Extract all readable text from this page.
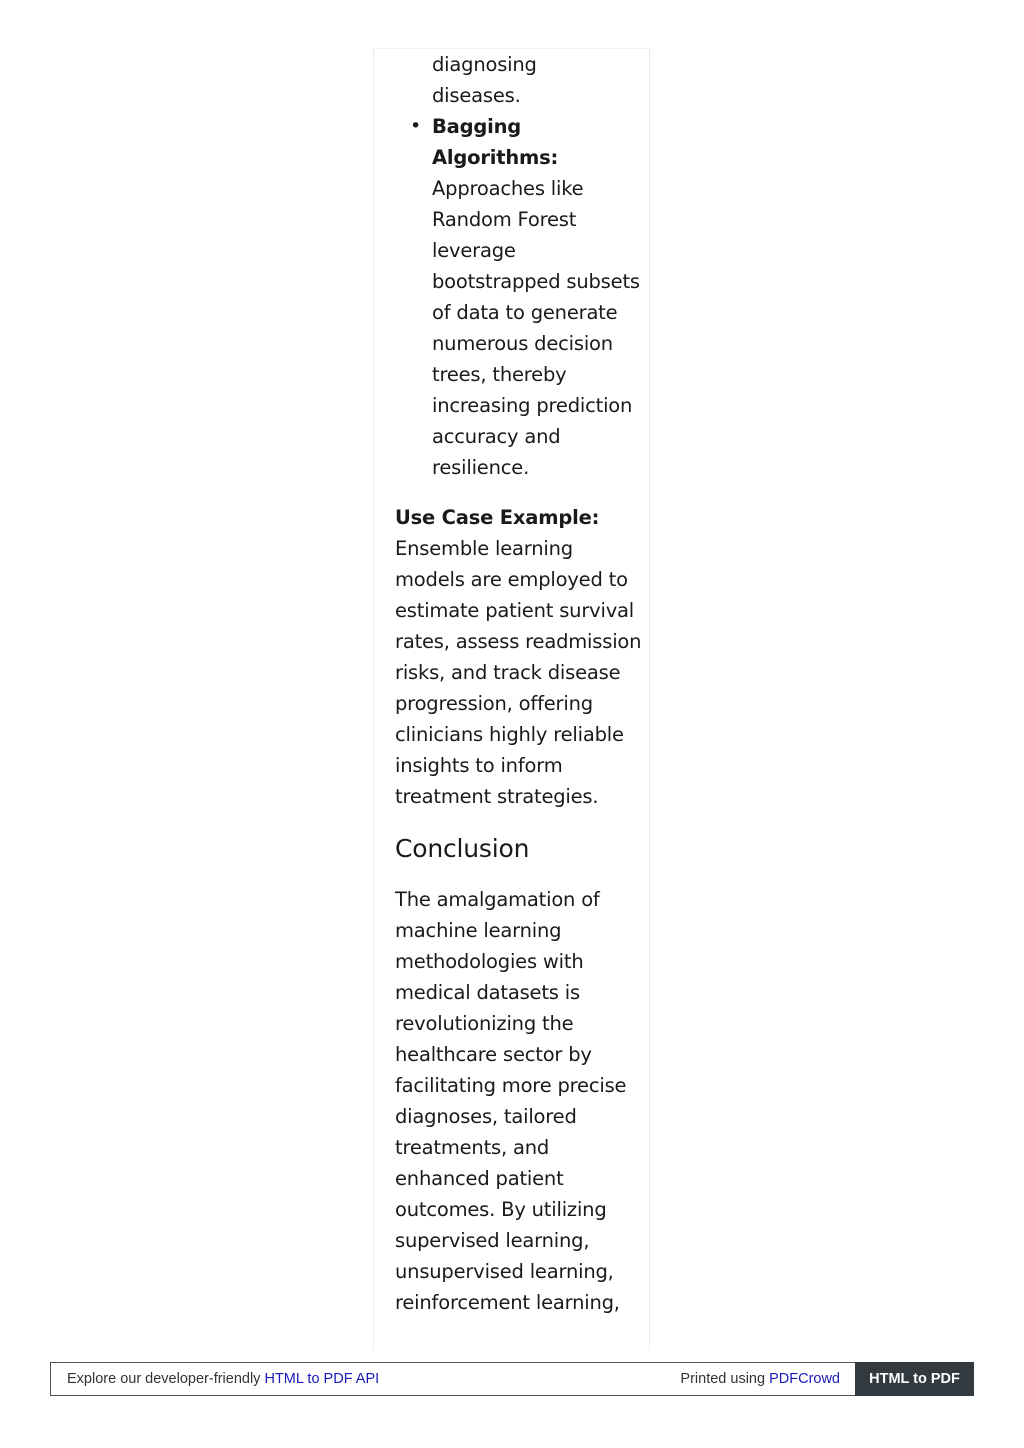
diagnosing
diseases.
• Bagging Algorithms: Approaches like Random Forest leverage bootstrapped subsets of data to generate numerous decision trees, thereby increasing prediction accuracy and resilience.

Use Case Example: Ensemble learning models are employed to estimate patient survival rates, assess readmission risks, and track disease progression, offering clinicians highly reliable insights to inform treatment strategies.

Conclusion

The amalgamation of machine learning methodologies with medical datasets is revolutionizing the healthcare sector by facilitating more precise diagnoses, tailored treatments, and enhanced patient outcomes. By utilizing supervised learning, unsupervised learning, reinforcement learning,

Explore our developer-friendly HTML to PDF API	Printed using PDFCrowd	HTML to PDF
